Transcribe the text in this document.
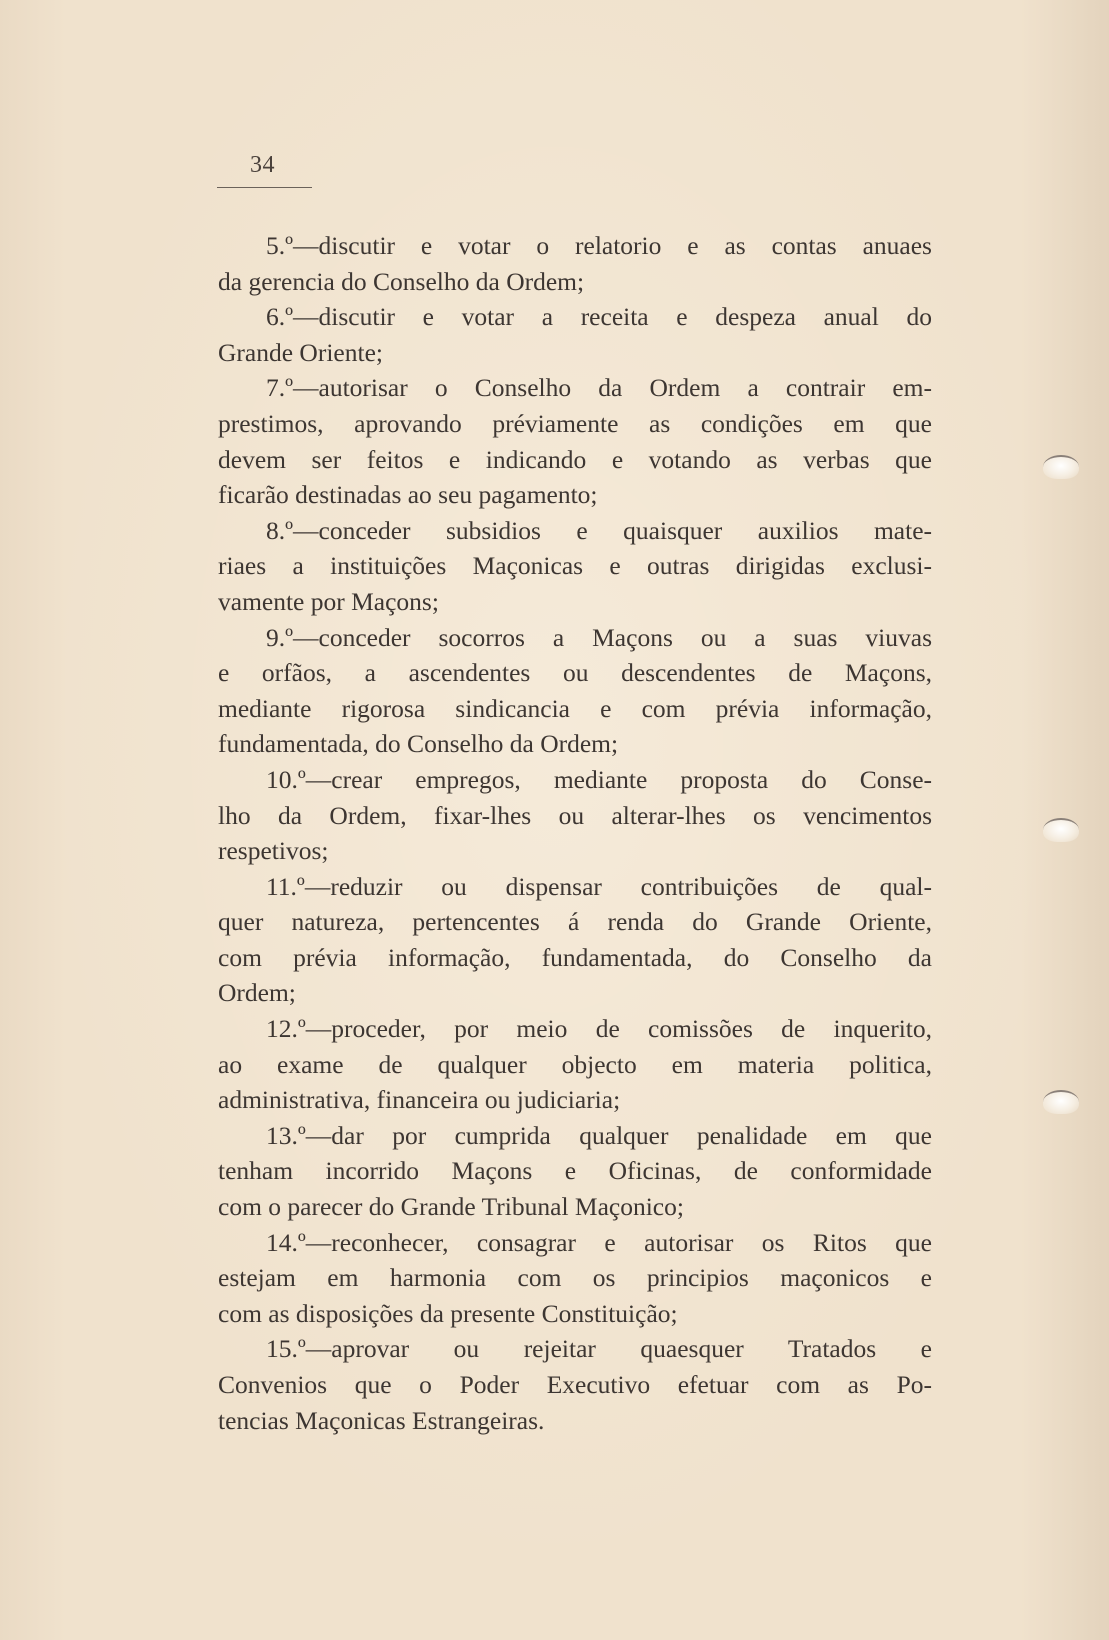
34
5.º—discutir e votar o relatorio e as contas anuaes
da gerencia do Conselho da Ordem;
6.º—discutir e votar a receita e despeza anual do
Grande Oriente;
7.º—autorisar o Conselho da Ordem a contrair em-
prestimos, aprovando préviamente as condições em que
devem ser feitos e indicando e votando as verbas que
ficarão destinadas ao seu pagamento;
8.º—conceder subsidios e quaisquer auxilios mate-
riaes a instituições Maçonicas e outras dirigidas exclusi-
vamente por Maçons;
9.º—conceder socorros a Maçons ou a suas viuvas
e orfãos, a ascendentes ou descendentes de Maçons,
mediante rigorosa sindicancia e com prévia informação,
fundamentada, do Conselho da Ordem;
10.º—crear empregos, mediante proposta do Conse-
lho da Ordem, fixar-lhes ou alterar-lhes os vencimentos
respetivos;
11.º—reduzir ou dispensar contribuições de qual-
quer natureza, pertencentes á renda do Grande Oriente,
com prévia informação, fundamentada, do Conselho da
Ordem;
12.º—proceder, por meio de comissões de inquerito,
ao exame de qualquer objecto em materia politica,
administrativa, financeira ou judiciaria;
13.º—dar por cumprida qualquer penalidade em que
tenham incorrido Maçons e Oficinas, de conformidade
com o parecer do Grande Tribunal Maçonico;
14.º—reconhecer, consagrar e autorisar os Ritos que
estejam em harmonia com os principios maçonicos e
com as disposições da presente Constituição;
15.º—aprovar ou rejeitar quaesquer Tratados e
Convenios que o Poder Executivo efetuar com as Po-
tencias Maçonicas Estrangeiras.
